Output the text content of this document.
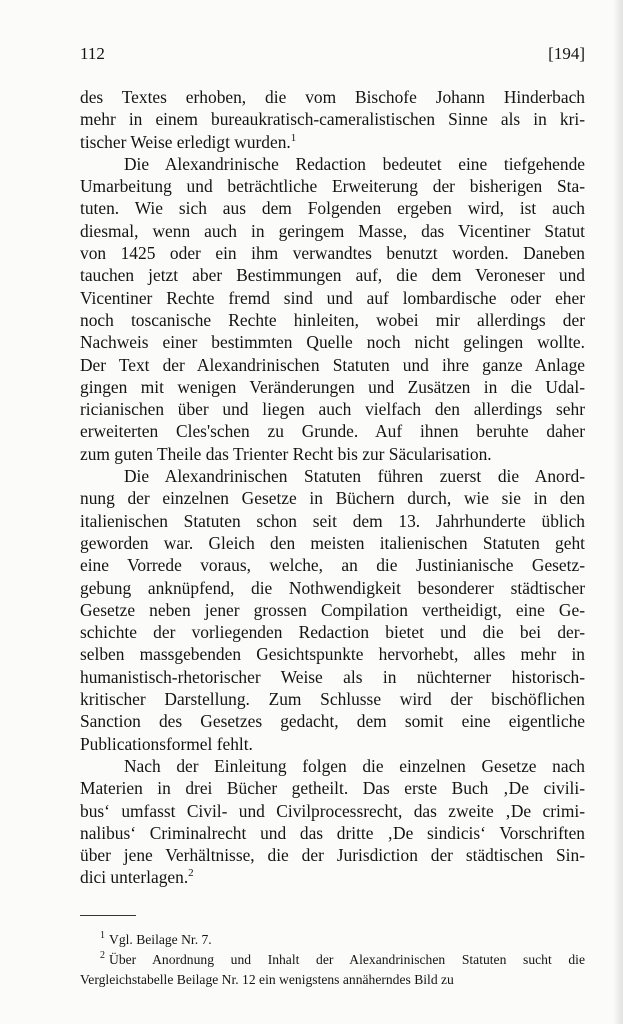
112	[194]
des Textes erhoben, die vom Bischofe Johann Hinderbach
mehr in einem bureaukratisch-cameralistischen Sinne als in kri-
tischer Weise erledigt wurden.$^1$
Die Alexandrinische Redaction bedeutet eine tiefgehende
Umarbeitung und beträchtliche Erweiterung der bisherigen Sta-
tuten. Wie sich aus dem Folgenden ergeben wird, ist auch
diesmal, wenn auch in geringem Masse, das Vicentiner Statut
von 1425 oder ein ihm verwandtes benutzt worden. Daneben
tauchen jetzt aber Bestimmungen auf, die dem Veroneser und
Vicentiner Rechte fremd sind und auf lombardische oder eher
noch toscanische Rechte hinleiten, wobei mir allerdings der
Nachweis einer bestimmten Quelle noch nicht gelingen wollte.
Der Text der Alexandrinischen Statuten und ihre ganze Anlage
gingen mit wenigen Veränderungen und Zusätzen in die Udal-
ricianischen über und liegen auch vielfach den allerdings sehr
erweiterten Cles'schen zu Grunde. Auf ihnen beruhte daher
zum guten Theile das Trienter Recht bis zur Säcularisation.
Die Alexandrinischen Statuten führen zuerst die Anord-
nung der einzelnen Gesetze in Büchern durch, wie sie in den
italienischen Statuten schon seit dem 13. Jahrhunderte üblich
geworden war. Gleich den meisten italienischen Statuten geht
eine Vorrede voraus, welche, an die Justinianische Gesetz-
gebung anknüpfend, die Nothwendigkeit besonderer städtischer
Gesetze neben jener grossen Compilation vertheidigt, eine Ge-
schichte der vorliegenden Redaction bietet und die bei der-
selben massgebenden Gesichtspunkte hervorhebt, alles mehr in
humanistisch-rhetorischer Weise als in nüchterner historisch-
kritischer Darstellung. Zum Schlusse wird der bischöflichen
Sanction des Gesetzes gedacht, dem somit eine eigentliche
Publicationsformel fehlt.
Nach der Einleitung folgen die einzelnen Gesetze nach
Materien in drei Bücher getheilt. Das erste Buch ‚De civili-
bus‘ umfasst Civil- und Civilprocessrecht, das zweite ‚De crimi-
nalibus‘ Criminalrecht und das dritte ‚De sindicis‘ Vorschriften
über jene Verhältnisse, die der Jurisdiction der städtischen Sin-
dici unterlagen.$^2$
$^1$ Vgl. Beilage Nr. 7.
$^2$ Über Anordnung und Inhalt der Alexandrinischen Statuten sucht die
Vergleichstabelle Beilage Nr. 12 ein wenigstens annäherndes Bild zu
